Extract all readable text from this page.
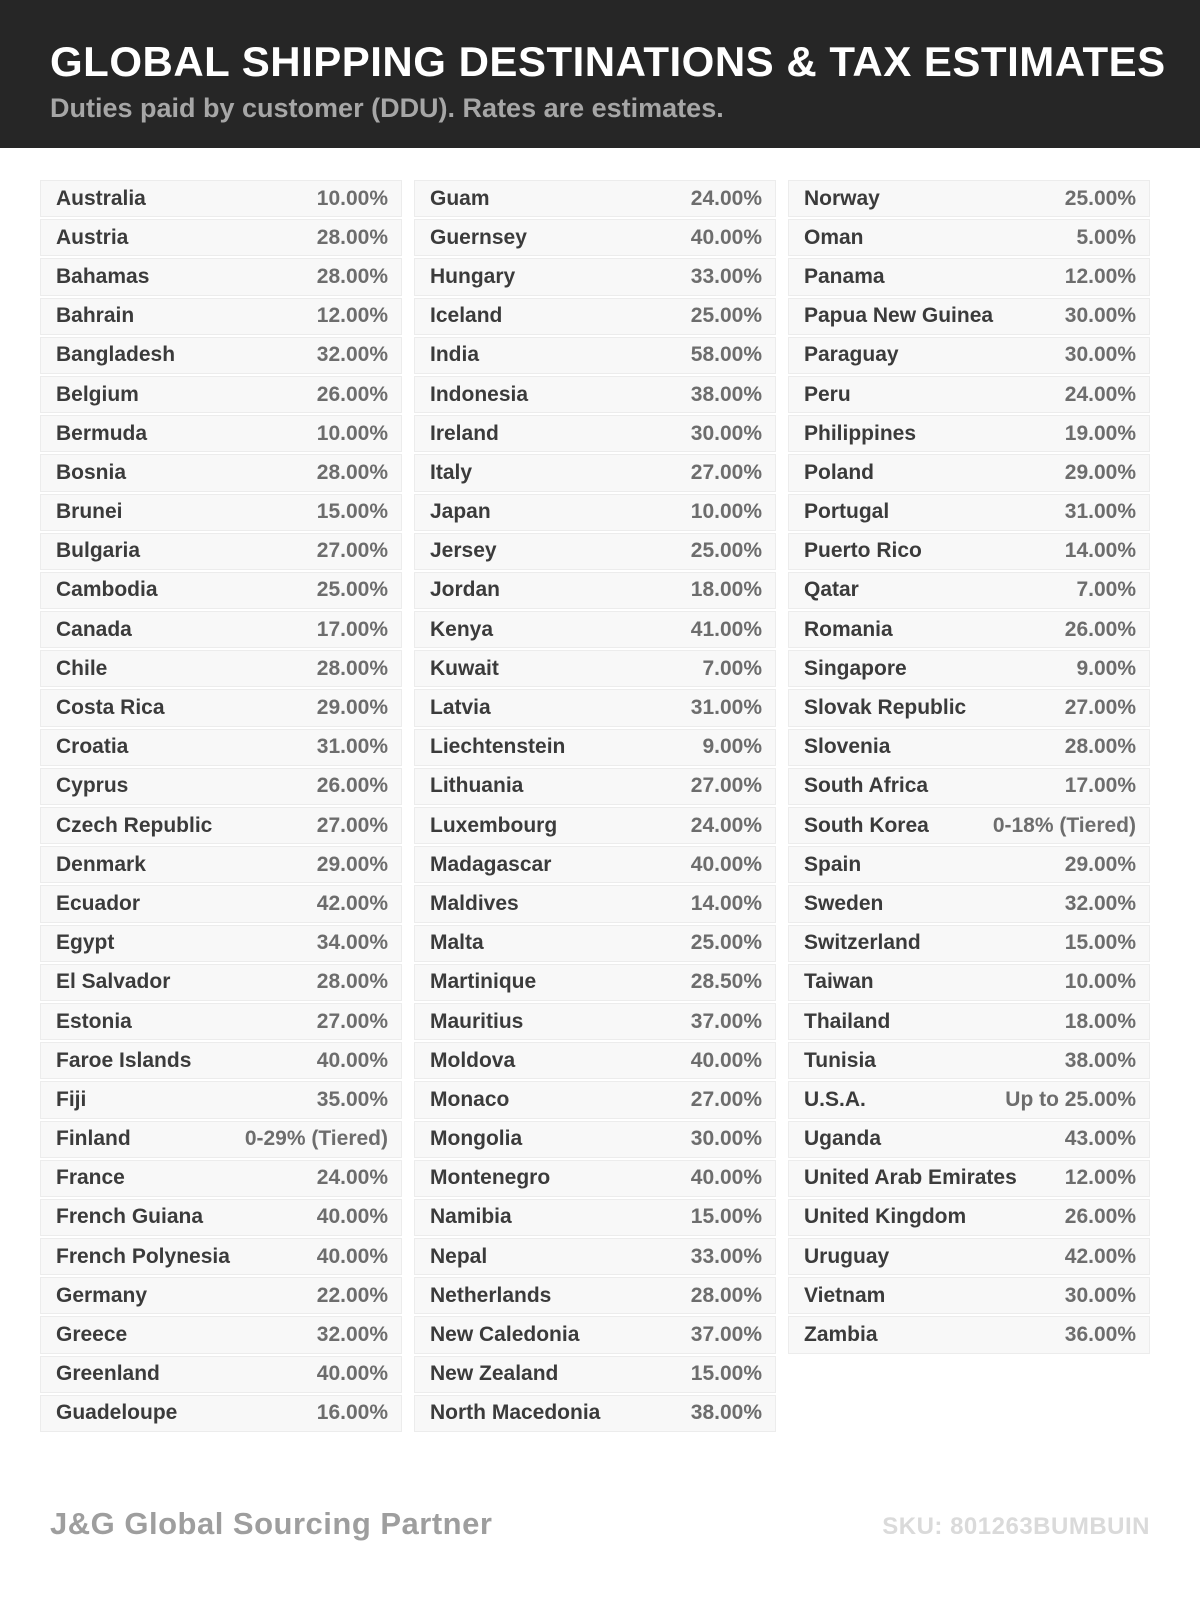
GLOBAL SHIPPING DESTINATIONS & TAX ESTIMATES
Duties paid by customer (DDU). Rates are estimates.
Australia	10.00%
Austria	28.00%
Bahamas	28.00%
Bahrain	12.00%
Bangladesh	32.00%
Belgium	26.00%
Bermuda	10.00%
Bosnia	28.00%
Brunei	15.00%
Bulgaria	27.00%
Cambodia	25.00%
Canada	17.00%
Chile	28.00%
Costa Rica	29.00%
Croatia	31.00%
Cyprus	26.00%
Czech Republic	27.00%
Denmark	29.00%
Ecuador	42.00%
Egypt	34.00%
El Salvador	28.00%
Estonia	27.00%
Faroe Islands	40.00%
Fiji	35.00%
Finland	0-29% (Tiered)
France	24.00%
French Guiana	40.00%
French Polynesia	40.00%
Germany	22.00%
Greece	32.00%
Greenland	40.00%
Guadeloupe	16.00%
Guam	24.00%
Guernsey	40.00%
Hungary	33.00%
Iceland	25.00%
India	58.00%
Indonesia	38.00%
Ireland	30.00%
Italy	27.00%
Japan	10.00%
Jersey	25.00%
Jordan	18.00%
Kenya	41.00%
Kuwait	7.00%
Latvia	31.00%
Liechtenstein	9.00%
Lithuania	27.00%
Luxembourg	24.00%
Madagascar	40.00%
Maldives	14.00%
Malta	25.00%
Martinique	28.50%
Mauritius	37.00%
Moldova	40.00%
Monaco	27.00%
Mongolia	30.00%
Montenegro	40.00%
Namibia	15.00%
Nepal	33.00%
Netherlands	28.00%
New Caledonia	37.00%
New Zealand	15.00%
North Macedonia	38.00%
Norway	25.00%
Oman	5.00%
Panama	12.00%
Papua New Guinea	30.00%
Paraguay	30.00%
Peru	24.00%
Philippines	19.00%
Poland	29.00%
Portugal	31.00%
Puerto Rico	14.00%
Qatar	7.00%
Romania	26.00%
Singapore	9.00%
Slovak Republic	27.00%
Slovenia	28.00%
South Africa	17.00%
South Korea	0-18% (Tiered)
Spain	29.00%
Sweden	32.00%
Switzerland	15.00%
Taiwan	10.00%
Thailand	18.00%
Tunisia	38.00%
U.S.A.	Up to 25.00%
Uganda	43.00%
United Arab Emirates 12.00%
United Kingdom	26.00%
Uruguay	42.00%
Vietnam	30.00%
Zambia	36.00%
J&G Global Sourcing Partner	SKU: 801263BUMBUIN
